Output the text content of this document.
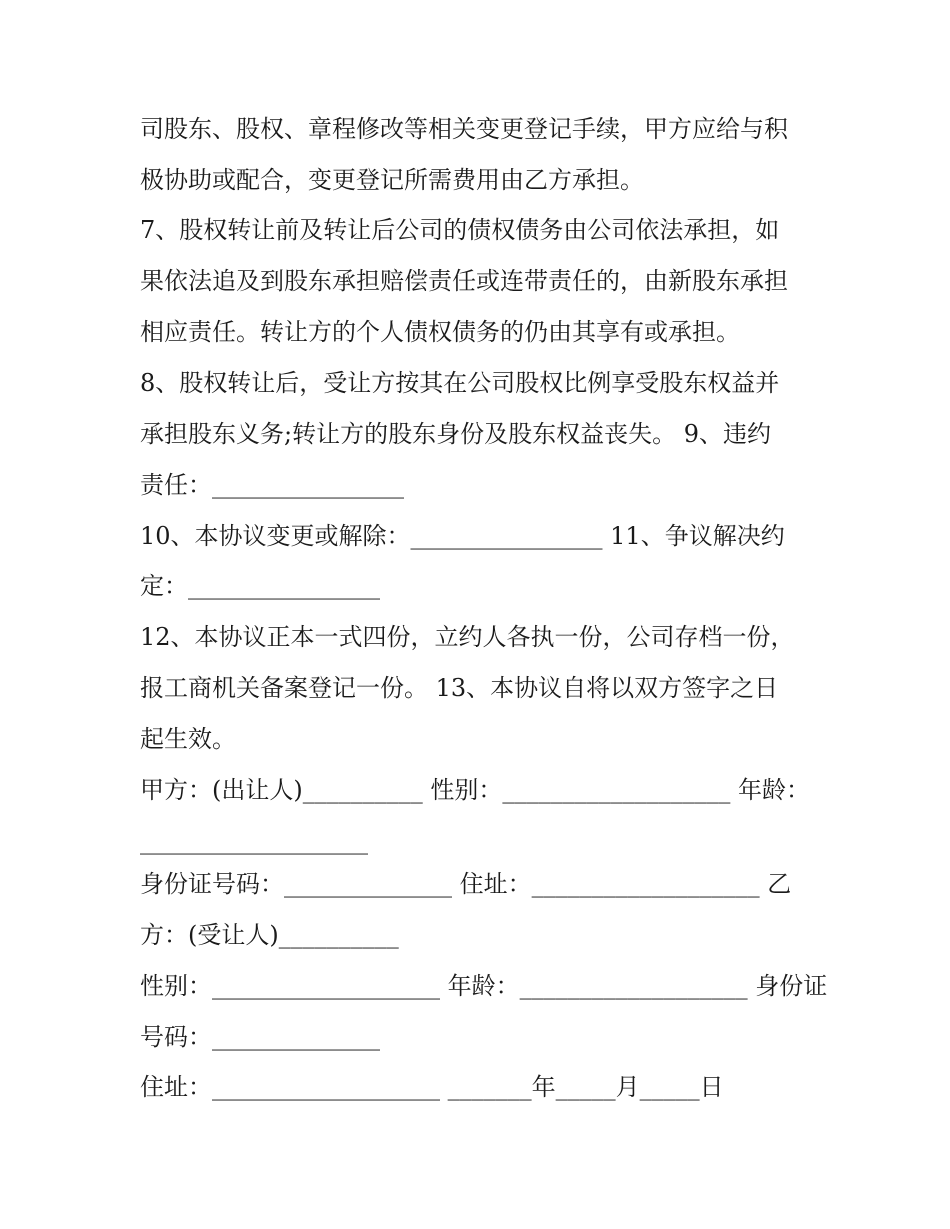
司股东、股权、章程修改等相关变更登记手续，甲方应给与积
极协助或配合，变更登记所需费用由乙方承担。
7、股权转让前及转让后公司的债权债务由公司依法承担，如
果依法追及到股东承担赔偿责任或连带责任的，由新股东承担
相应责任。转让方的个人债权债务的仍由其享有或承担。
8、股权转让后，受让方按其在公司股权比例享受股东权益并
承担股东义务;转让方的股东身份及股东权益丧失。 9、违约
责任：________________
10、本协议变更或解除：________________ 11、争议解决约
定：________________
12、本协议正本一式四份，立约人各执一份，公司存档一份，
报工商机关备案登记一份。 13、本协议自将以双方签字之日
起生效。
甲方：(出让人)__________ 性别：___________________ 年龄：
___________________
身份证号码：______________ 住址：___________________ 乙
方：(受让人)__________
性别：___________________ 年龄：___________________ 身份证
号码：______________
住址：___________________ _______年_____月_____日
